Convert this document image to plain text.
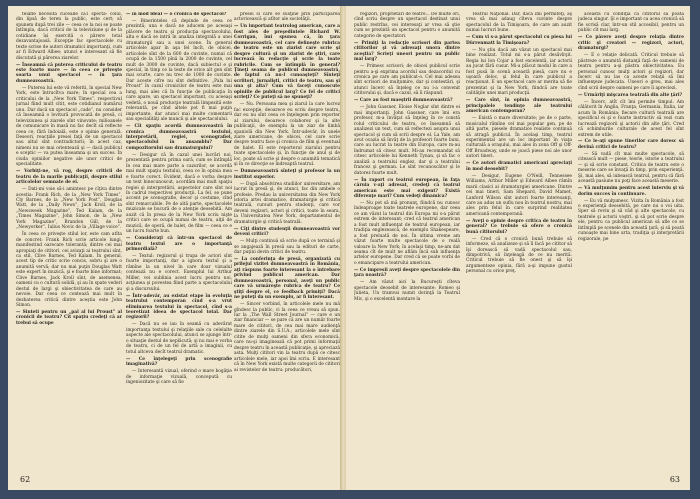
teiafle necesitâ cuceâlle câ1 specta- colul, din lipsâ de teren la public, este cert; să spunem după trei zile — ceea ce la noi se poate întîmpla, dacă criticii de la televiziune şi de la cotidiane își exercită o părere total dezavantajoasă. Excepţie fac spectacolele cu texte scrise de autori dramatici importanţi, cum ar fi Edward Albee; atunci e interesant să fie discutată şi părerea ziarelor.

— Înseamnă că puterea criticului de teatru este foarte mare — în ceea ce priveşte soarta unui spectacol — în ţara dumneavoastră.

— Puterea lui este vă referiti, în special New York, este întrucîtva mare; în special cea a criticului de la „New York Times”, respectivul jurnal fiind mult citit, este cotidianul numărul unu. Dar dacă un spectacol „cade”, nu consider că înseamnă o lovitură provocată de presă, ci televiziunea şi ziarele sînt vinovate; milioanele de comunicare în masă nu fac decît să reflecte ceea ce, fără îndoială, este o opinie generală. Deseori, reacţiile presei faţă de un spectacol sau altul sînt contradictorii; în acest caz, nimeni nu se mai orientează şi — dacă publicul e sceptic — va putea înseamna şi un succes. În ciuda opiniilor negative ale unor critici de specialitate.

— Vorbiţi-ne, vă rog, despre criticii de teatru de la marile publicaţii, despre stilul articolelor semnate de ei.

— Dati-mi voie să-i amintesc pe cîţiva dintre acestia: Frank Rich, de la „New York Times”, Cly Barnes, de la „New York Post”, Douglas Watt, de la „Daily News”, Jack Kroll, de la „Newsweek Magazine”, Ted Kalam, de la „Times Magazine”, John Simon, de la „New York Magazine”, Brandon Gill, de la „Newyorker”, Iulius Novic de la „Village voice”.

În ceea ce priveşte stilul lor, este cam atîta de concret: Frank Rich scrie articole lungi, manifestind oarecare tolerantă; dintre cei mai apropiaţi de cititori, cei avizaţi ai teatrului sînt, ca stil, Clive Barnes, Ted Kalam. În general, acest tip de critic scrie concis, sobru şi are o anumită vervă; dar nu mai puţin Douglas Watt este expert în muzică, şi e foarte bine informat; Clive Barnes, Jack Kroll sînt, de asemenea, oameni cu o cultură solidă, şi au în spate vederi destul de largi şi obiectivitatea de care au nevoie. Dar ceea ce contează mai mult în dezbaterea critică dintre aceştia este John Simon.

— Sinteti pentru un „pal al lui Proust” al cronicii de teatru? Cît spaţiu credeţi că ar trebui să ocupe

— în mod ideal — o cronică de spectacol?

— Binerinteles că depinde de ceea ce prezintă; una e dacă ne aducem pe aceeaşi plăcere de teatru şi producţia spectacolului, alta e dacă se intră în analiza integrală a unei dramaturgii sau a unei scene. În general articolele apar în aşa fel încît, de obicei, articolele sînt de la 600 de cuvinte, numai că ocupă de la 1500 pînă la 2000 de cuvinte, cel mult de 3000 de cuvinte, dacă subiectul e şi special, în timp ce la texte de orice alt gen sînt mai scurte, care nu trec de 1000 de cuvinte. Dar aceste cifre nu sînt definitive. „Pala lui Proust” în cazul cronicilor de teatru este mai lung, mai ales că în funcţie de publicaţia în care apare, un spectacol important, cu aceeaşi vedetă, o nouă producţie teatrală limpezită este relevantă, pe cînd altele pot fi mai puţin importante, dar atunci mai multe comentarii sau specialităţi ale muncii şi ale spectacolului.

— Cît spaţiu acordă dumneavoastră în cronica dumneavoastră textului, interpretării, regiei, scenografiei, spectacolului în ansamblu? Dar compozitorului sau dramaturgului?

— Desigur că în cazul unei lucrări noi, prezentată pentru prima oară, cum se întîmplă în cea mai mare parte a cazurilor, se acordă mai mult spaţiu textului, ceea ce în opinia mea e foarte corect. Evident, dacă e vorba despre un text binecunoscut, acordăm mai mult spaţiu regiei şi interpretării, aspectelor care sînt noi în cadrul respectivei producţii. La fel, se pune accent pe scenografie, decor şi costume, cînd sînt remarcabile. Pe de altă parte, spectacolele muzicale se bucură de o atenţie deosebită. Am auzit că în presa de la New York scriu nişte critici care se ocupă numai de teatru, alţii de muzică, de operă, de balet, de film — ceea ce e un lucru foarte bun.

— Consideraţi că într-un spectacol de teatru textul are o importanţă primordială?

— Textul: regizorul şi trupa de actori sînt foarte importanţi, dar a ignora textul şi a rămîne la un nivel în care doar vizualul contează nu e corect. Exemplul lui Arthur Miller, vei sublinia acest lucru pentru noi, acţiunea şi povestea fiind parte a spectacolului şi a discursului.

— Într-adevăr, au existat etape în evoluţia teatrului contemporan cînd s-a vrut eliminarea textului în spectacol, cînd s-a teoretizat ideea de spectacol total. Dar regizorii?

— Dacă nu se iau în seamă cu adevărat importanţa textului şi relaţiile sale cu celelalte aspecte ale spectacolului, atunci se ajunge într-o situaţie destul de neplăcută; şi nu mai e vorba de teatru, ci de un fel de artă a imaginii, cu totul altceva decît teatrul dramatic.

— Ce înţelegeţi prin scenografie imaginativă?

— Interesantă vizual, oferind o mare bogăţie de informaţie vizuală, concepută cu ingeniozitate şi care să fie

presei si care se susţine prin participarea actoricească şi atîtor ale societăţii.

— Un important teatrolog american, care a fost ales de preşedintele Richard W. Corrigan, îmi spunea că, în ţara dumneavoastră, cel care defineşte rubrica de teatru este un ziarist care scrie şi despre cultură şi un ziarist de ştiri, care lucrează în redacţie şi scrie la toate rubricile. Cum se întîmplă în general? Ţineţi seama de publicul dumneavoastră, de faptul că nu-l cunoaşteţi? Sînteţi scriitori, jurnalişti, critici de teatru, sau şi una şi alta? Cum vă faceţi cunoscute opiniile de publicul larg? Ce fel de critici scrieţi? Ce puteţi să ne spuneţi?

— Nu. Persoana mea şi ziarul la care lucrez fac excepţie, deoarece eu scriu despre teatru, dar eu nu sînt ceea ce înţelegem prin reporter al ziarului, deoarece colaborez şi la alte publicaţii, de exemplu la un ziar de limbă spaniolă din New York. Într-adevăr, în unele ziare americane, de obicei, cel care scrie despre teatru face şi cronica de film şi eventual de balet. El este reporterul ziarului pentru toate spectacolele şi, în funcţie de anul şi de loc, poate să scrie şi despre o anumită tematică şi în ce direcţie se îndreaptă teatrul.

— Dumneavoastră sînteţi şi profesor la un institut superior.

— După absolvirea studiilor universitare, am lucrat în presă şi, de atunci, fac din ambele o profesie. Predau la universitatea din New York istoria artei dramatice, dramaturgie şi critică teatrală, cursuri pentru studenţi, care vor deveni regizori, actori şi critici, toate în seara, la Universitatea New York, departamentul de dramaturgie şi critică teatrală.

— Cîţi dintre studenţii dumneavoastră vor deveni critici?

— Mulţi continuă să scrie după ce termină şi se angajează în presă sau la edituri de carte, dar puţini devin critici de teatru.

— La conferinţa de presă, organizată cu prilejul vizitei dumneavoastră în România, aţi răspuns foarte interesant la o întrebare privind publicul american. Dar dumneavoastră, personal, aveţi un public care vă urmăreşte rubrica de teatru? Ce ştiţi despre el, ce feedback primiţi? Dacă ne puteţi da un exemplu, ar fi interesant.

— Sincer vorbind, în articolele mele nu mă gîndesc la public, ci la ceea ce vreau să spun. Iar la „The Wall Street Journal” — care e un ziar financiar — se pare că are un număr foarte mare de cititori, de cea mai mare audienţă dintre ziarele din S.U.A.; articolele mele sînt citite de mulţi oameni din sfera economică, care nu-şi imaginează că pot primi informaţii despre teatru în această publicaţie, şi apreciază asta. Mulţi cititori vin la teatru după ce citesc articolele mele, iar apoi îmi scriu. E interesant că în New York există multe categorii de cititori ai revistelor de teatru: producători,

62

regizori, proprietari de teatre... De multe ori, cînd scriu despre un spectacol destinat unui public restrîns, cei interesaţi ar vrea să ştie cum se prezintă un spectacol pentru o anumită categorie de spectatori.

— Primiţi la redacţie scrisori din partea cititorilor şi vă adresaţi unora dintre aceştia? Scrieţi uneori pentru un public mai larg?

— Primesc scrisori; de obicei publicul scrie pentru a-şi exprima acordul sau dezacordul cu cronica pe care am publicat-o. Cel mai adesea sînt scrisori de mulţumire, dar şi contestări, şi atunci încerc să înţeleg ce nu i-a convenit cititorului şi, dacă e cazul, să îi răspund.

— Care au fost maeştrii dumneavoastră?

— John Gassner, Eloise Noglar sînt dintre ei mai importanţi. John Gassner, care îmi era profesor, m-a învăţat să înţeleg în ce constă rolul criticului de teatru, ce înseamnă să analizezi un text, cum să reflectezi asupra unui spectacol şi cum să scrii despre el. La Yale, am avut ocazia să învăţ de la profesori foarte buni, care au lucrat la teatre din Europa, care m-au îndrumat să citesc mult. Mi-au recomandat să citesc articolele lui Kenneth Tynan, şi să fac o analiză a teatrului englez, dar şi a teatrului francez şi german. Le sînt recunoscător şi le datorez foarte mult.

— În raport cu teatrul european, în faţa căruia v-aţi adresat, credeţi că teatrul american este mai exigent? Există diferenţe mari? Cum vedeţi dinamica?

— Nu pot să mă pronunţ, fiindcă nu cunosc îndeaproape toate teatrele europene, dar ceea ce am văzut la teatrul din Europa mi s-a părut extrem de interesant; cred că teatrul american a fost mult influenţat de teatrul european, iar tradiţia englezească, de exemplu Shakespeare, a fost preluată de noi. În ultima vreme am văzut foarte multe spectacole de o reală valoare la New York; în acelaşi timp, ne-am dat seama cît de mult ne aflăm încă sub influenţa artelor europene. Dar cred că se poate vorbi de o emancipare a teatrului american.

— Ce impresii aveţi despre spectacolele din ţara noastră?

— Am văzut aici la Bucureşti cîteva spectacole deosebit de interesante: Romeo şi Julieta, Un tramvai numit dorinţă la Teatrul Mic, şi o excelentă montare la

Teatrul Naţional. Dar, dacă îmi permiteţi, aş vrea să mai adaug cîteva cuvinte despre spectacolul de la Timişoara, de care am auzit numai lucruri bune.

— Cum vi s-a părut spectacolul cu piesa lui Dürrenmatt la Timişoara?

— Nu ştiu dacă am văzut un spectacol mai bine realizat. Totul mi s-a părut desăvîrşit. Regia lui Ion Cojar a fost excelentă, iar actorii au jucat fără cusur. Mi-a plăcut modul în care a fost pusă în scenă această piesă, care nu e uşoară deloc, şi felul în care publicul a reacţionat. E un spectacol care ar merita să fie prezentat şi la New York, fiindcă are toate calităţile unei mari producţii.

— Care sînt, în opinia dumneavoastră, principalele tendinţe ale teatrului american contemporan?

— Există o mare diversitate; pe de o parte, musicalul rămîne cel mai popular gen, pe de altă parte, piesele dramatice realiste continuă să atragă publicul. În acelaşi timp, teatrul experimental are un loc important în viaţa culturală a oraşului, mai ales în zona Off şi Off-Off Broadway, unde se joacă piese noi ale unor autori tineri.

— Ce autori dramatici americani apreciaţi în mod deosebit?

— Desigur, Eugene O'Neill, Tennessee Williams, Arthur Miller şi Edward Albee rămîn marii clasici ai dramaturgiei americane. Dintre cei mai tineri, Sam Shepard, David Mamet, Lanford Wilson sînt autori foarte interesanţi, care au adus un suflu nou în teatrul nostru, mai ales prin felul în care surprind realitatea americană contemporană.

— Aveţi o opinie despre critica de teatru în general? Ce trebuie să ofere o cronică bună cititorului?

— Cred că o cronică bună trebuie să informeze, să analizeze şi să îl facă pe cititor să îşi dorească să vadă spectacolul sau, dimpotrivă, să înţeleagă de ce nu merită. Criticul trebuie să fie onest şi să îşi argumenteze opinia, fără a-şi impune gustul personal cu orice preţ.

aceasta cu condiţia ca cititorul să poată judeca singur. Şi e important ca acea cronică să fie scrisă clar, într-un stil accesibil, pentru un public cît mai larg.

— Ce părere aveţi despre relaţia dintre critic şi creatori — regizori, actori, dramaturgi?

— E o relaţie delicată. Criticul trebuie să păstreze o anumită distanţă faţă de oamenii de teatru pentru a-şi păstra obiectivitatea. Eu personal cunosc mulţi actori şi regizori, dar încerc să nu las ca aceste relaţii să îmi influenţeze judecata. Uneori e greu, mai ales cînd scrii despre oameni pe care îi apreciezi.

— Urmăriţi mişcarea teatrală din alte ţări?

— Încerc, atît cît îmi permite timpul. Am călătorit în Anglia, Franţa, Germania, Italia, iar acum în România; fiecare cultură teatrală are specificul ei şi e foarte instructiv să vezi cum lucrează regizorii şi actorii din alte ţări. Cred că schimburile culturale de acest fel sînt extrem de utile.

— Ce le-aţi spune tinerilor care doresc să devină critici de teatru?

— Să vadă cît mai multe spectacole, să citească mult — piese, teorie, istorie a teatrului — şi să scrie constant. Critica de teatru este o meserie care se învaţă în timp, prin experienţă. Şi, mai ales, să iubească teatrul, pentru că fără această pasiune nu poţi face această meserie.

— Vă mulţumim pentru acest interviu şi vă dorim succes în continuare.

— Eu vă mulţumesc. Vizita în România a fost o experienţă deosebită, pe care nu o voi uita. Sper să revin şi să văd şi alte spectacole, cu teatrele şi actorii voştri, şi să pot scrie despre ele, pentru ca publicul american să afle ce se întîmplă pe scenele din această ţară, şi să poată cunoaşte mai bine arta, tradiţia şi interpretării regizorale, pe

63
